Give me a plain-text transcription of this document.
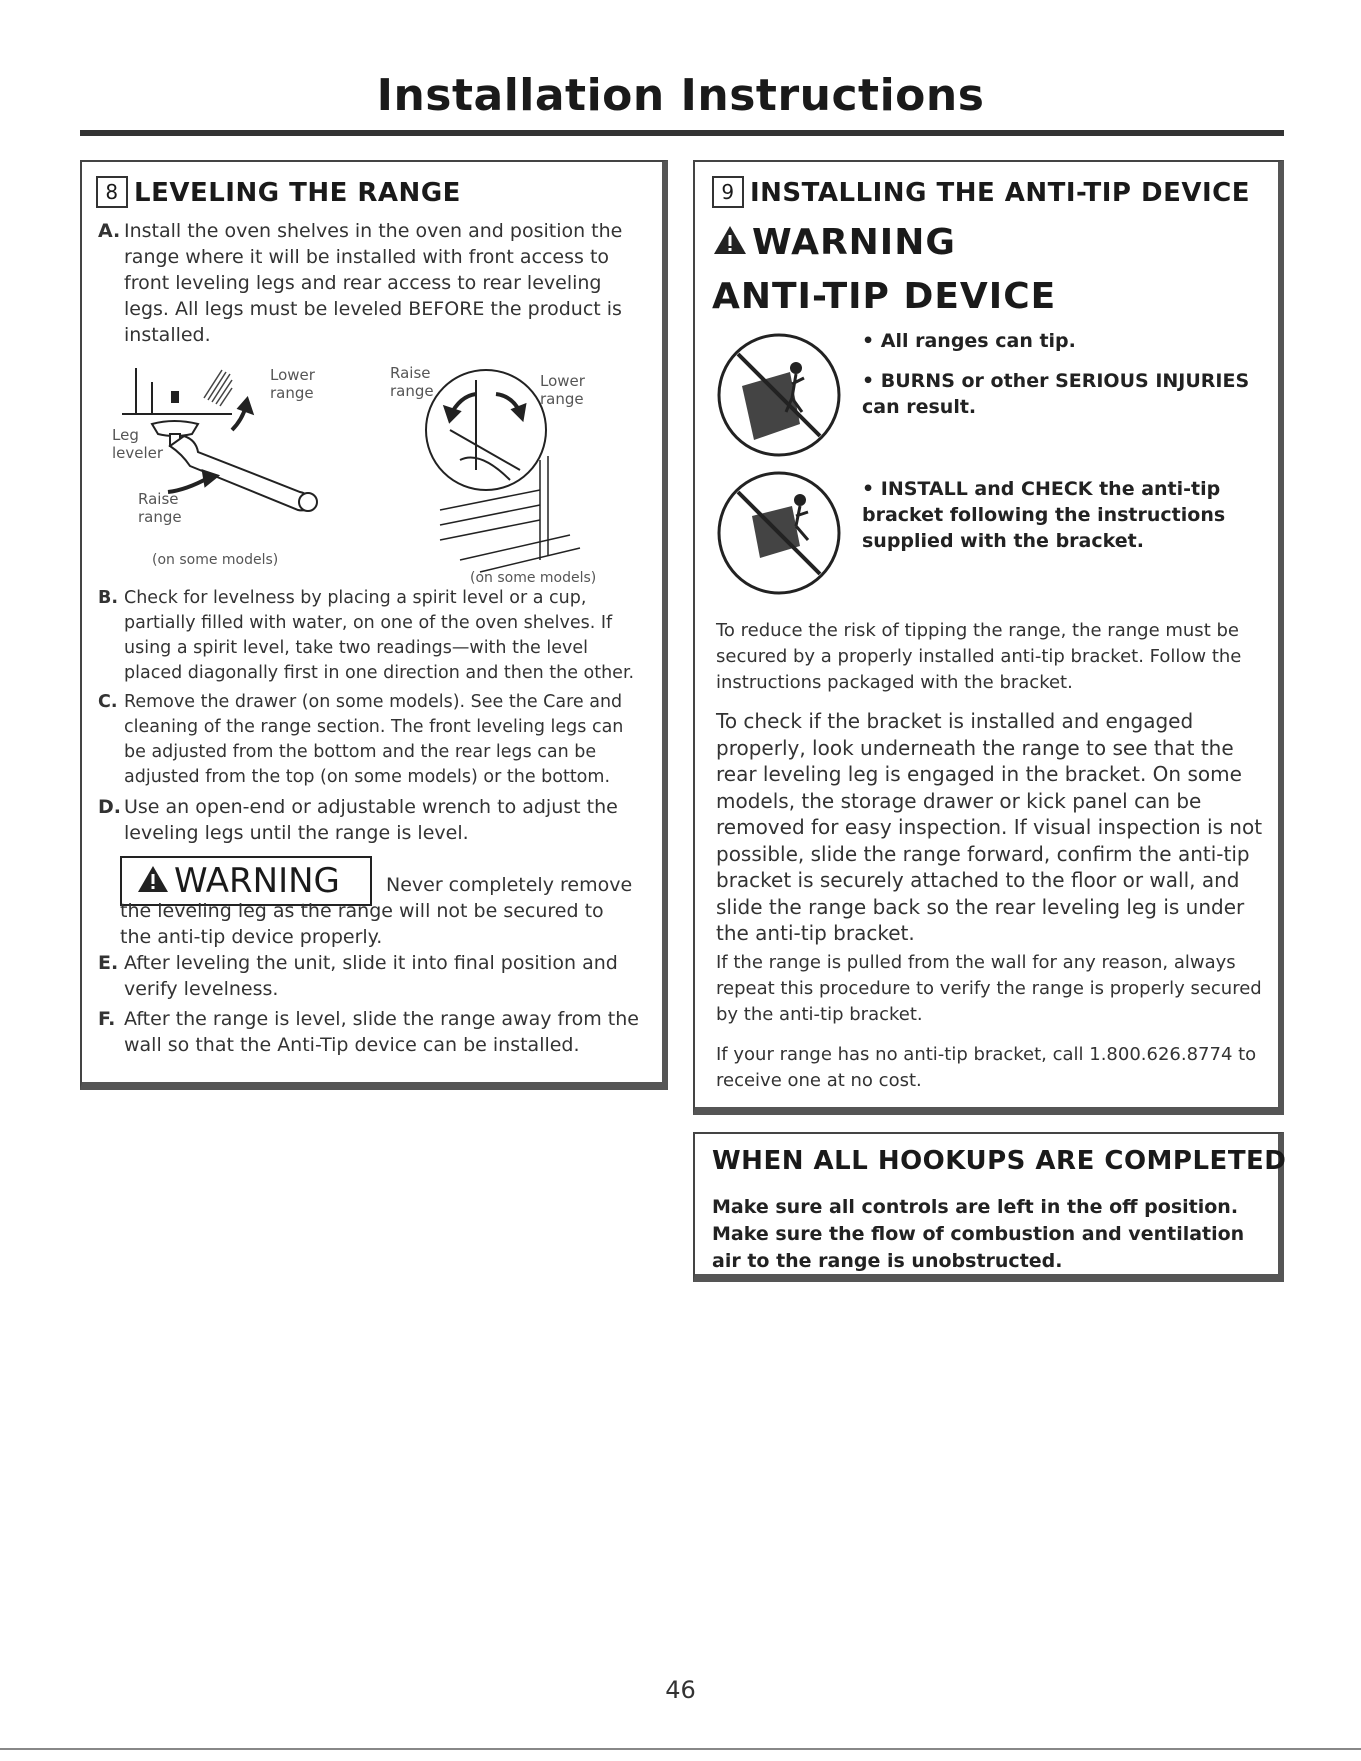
Installation Instructions
8 LEVELING THE RANGE
A. Install the oven shelves in the oven and position the range where it will be installed with front access to front leveling legs and rear access to rear leveling legs. All legs must be leveled BEFORE the product is installed.
Lower range
Leg leveler
Raise range
(on some models)
Raise range
Lower range
(on some models)
B. Check for levelness by placing a spirit level or a cup, partially filled with water, on one of the oven shelves. If using a spirit level, take two readings—with the level placed diagonally first in one direction and then the other.
C. Remove the drawer (on some models). See the Care and cleaning of the range section. The front leveling legs can be adjusted from the bottom and the rear legs can be adjusted from the top (on some models) or the bottom.
D. Use an open-end or adjustable wrench to adjust the leveling legs until the range is level.
WARNING	Never completely remove
the leveling leg as the range will not be secured to the anti-tip device properly.
E. After leveling the unit, slide it into final position and verify levelness.
F. After the range is level, slide the range away from the wall so that the Anti-Tip device can be installed.
9 INSTALLING THE ANTI-TIP DEVICE
WARNING
ANTI-TIP DEVICE
• All ranges can tip.
• BURNS or other SERIOUS INJURIES can result.
• INSTALL and CHECK the anti-tip bracket following the instructions supplied with the bracket.
To reduce the risk of tipping the range, the range must be secured by a properly installed anti-tip bracket. Follow the instructions packaged with the bracket.
To check if the bracket is installed and engaged properly, look underneath the range to see that the rear leveling leg is engaged in the bracket. On some models, the storage drawer or kick panel can be removed for easy inspection. If visual inspection is not possible, slide the range forward, confirm the anti-tip bracket is securely attached to the floor or wall, and slide the range back so the rear leveling leg is under the anti-tip bracket.
If the range is pulled from the wall for any reason, always repeat this procedure to verify the range is properly secured by the anti-tip bracket.
If your range has no anti-tip bracket, call 1.800.626.8774 to receive one at no cost.
WHEN ALL HOOKUPS ARE COMPLETED
Make sure all controls are left in the off position. Make sure the flow of combustion and ventilation air to the range is unobstructed.
46
